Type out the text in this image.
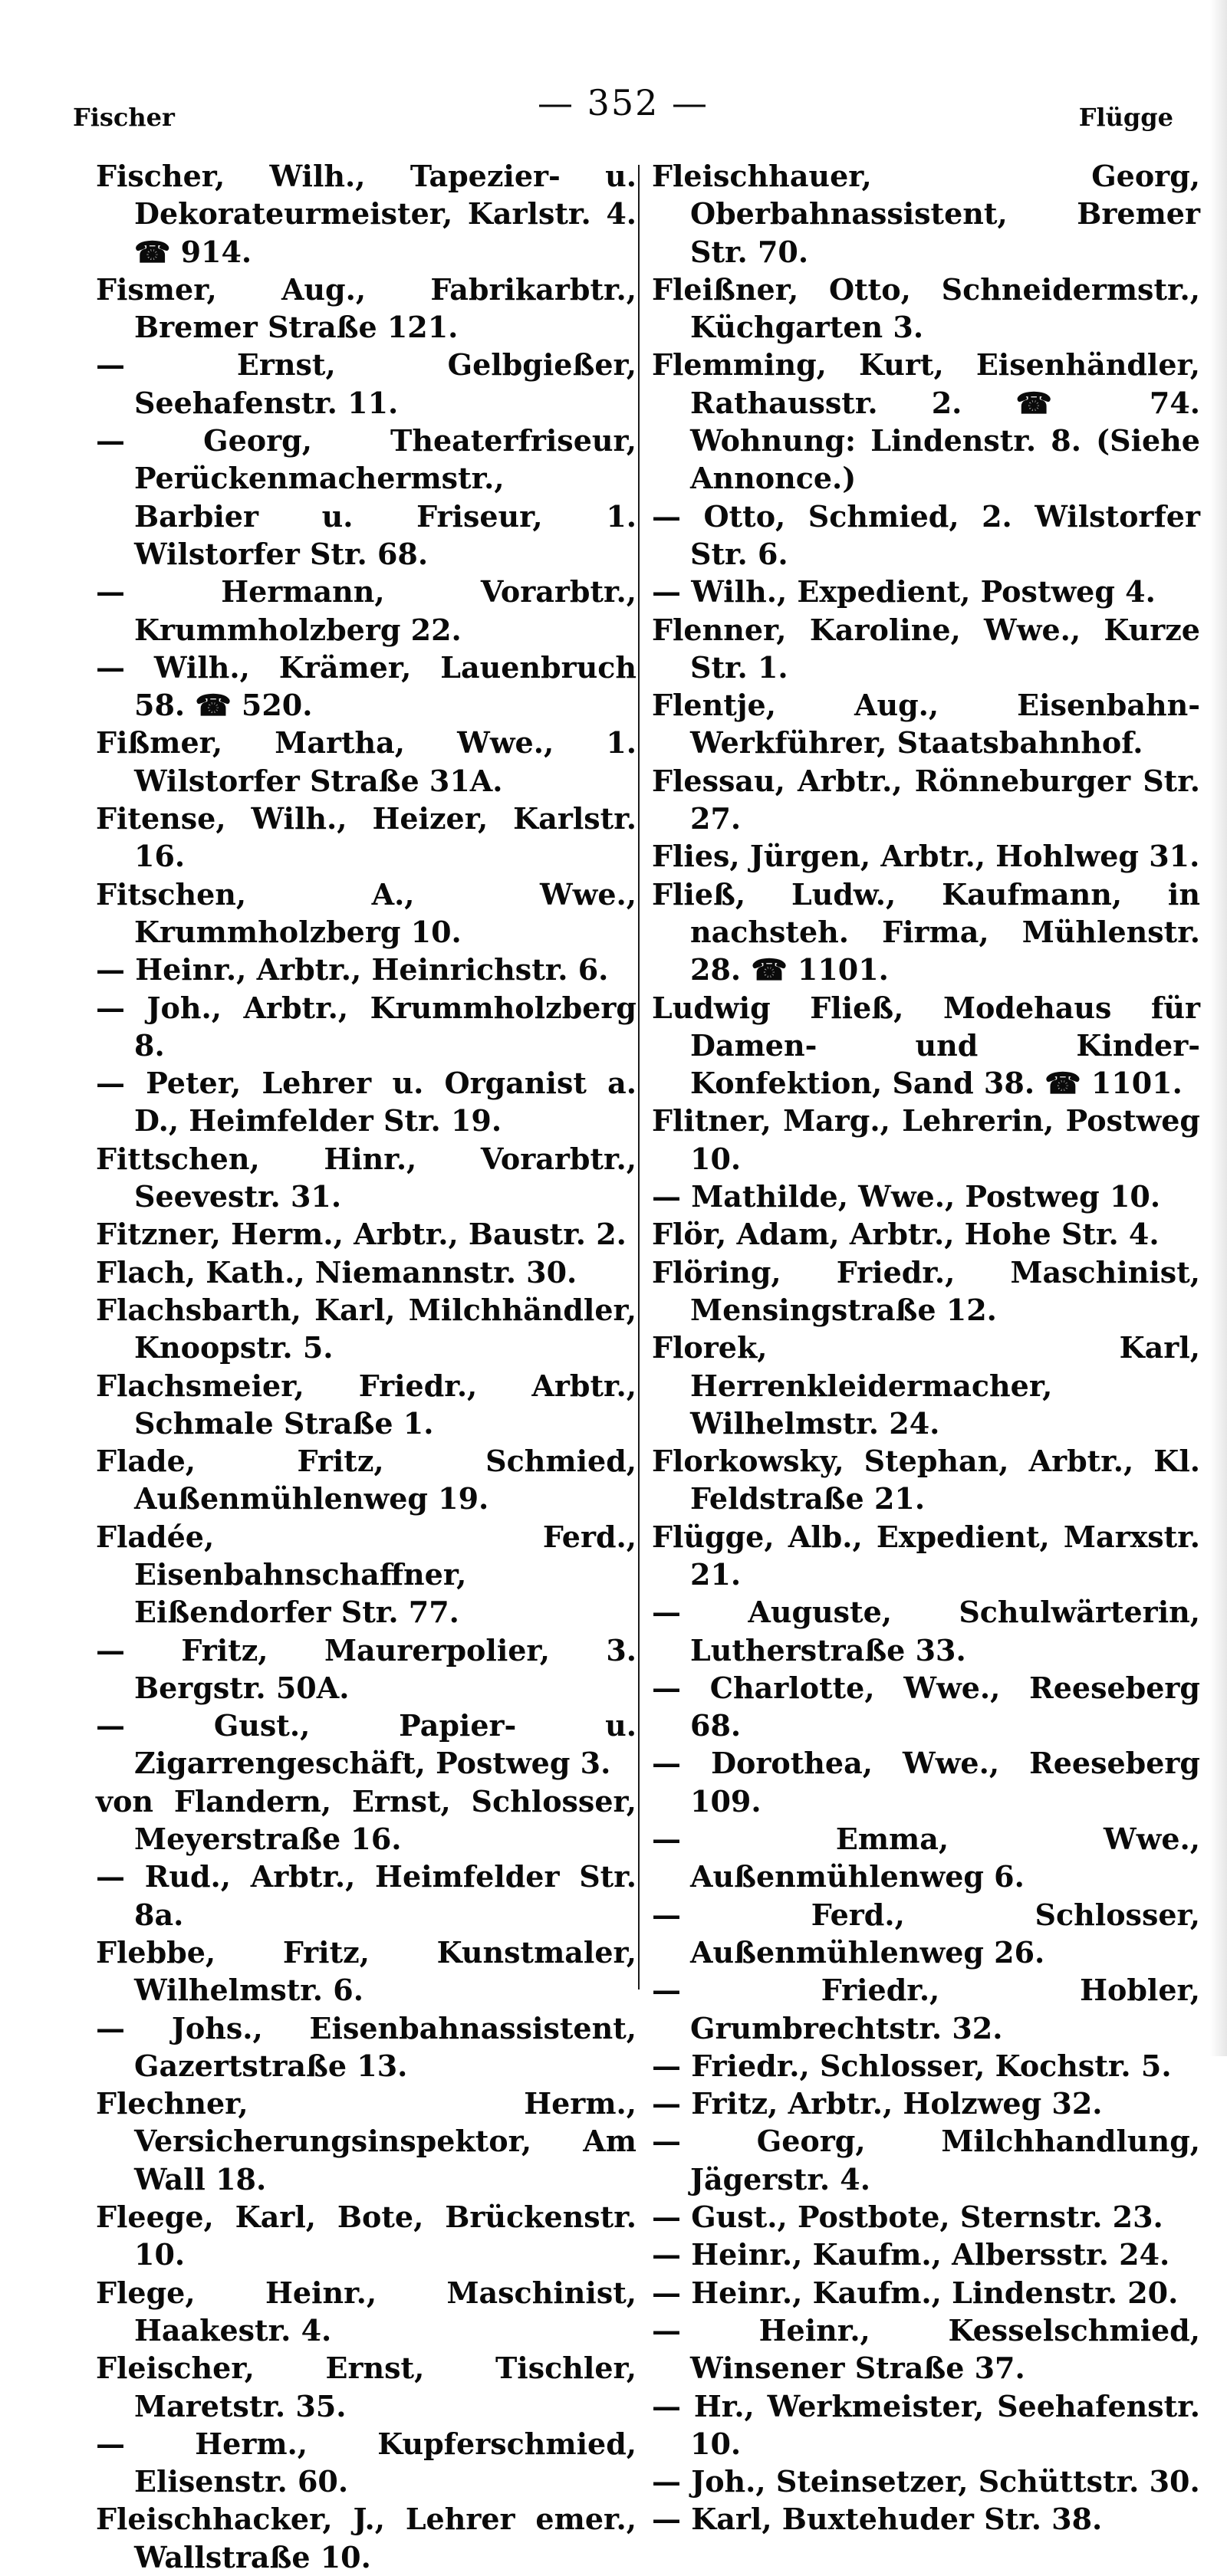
Fischer	— 352 —	Flügge

Fischer, Wilh., Tapezier- u. Dekorateurmeister, Karlstr. 4. ☎ 914.

Fismer, Aug., Fabrikarbtr., Bremer Straße 121.

— Ernst, Gelbgießer, Seehafenstr. 11.

— Georg, Theaterfriseur, Perückenmachermstr., Barbier u. Friseur, 1. Wilstorfer Str. 68.

— Hermann, Vorarbtr., Krummholzberg 22.

— Wilh., Krämer, Lauenbruch 58. ☎ 520.

Fißmer, Martha, Wwe., 1. Wilstorfer Straße 31A.

Fitense, Wilh., Heizer, Karlstr. 16.

Fitschen, A., Wwe., Krummholzberg 10.

— Heinr., Arbtr., Heinrichstr. 6.

— Joh., Arbtr., Krummholzberg 8.

— Peter, Lehrer u. Organist a. D., Heimfelder Str. 19.

Fittschen, Hinr., Vorarbtr., Seevestr. 31.

Fitzner, Herm., Arbtr., Baustr. 2.

Flach, Kath., Niemannstr. 30.

Flachsbarth, Karl, Milchhändler, Knoopstr. 5.

Flachsmeier, Friedr., Arbtr., Schmale Straße 1.

Flade, Fritz, Schmied, Außenmühlenweg 19.

Fladée, Ferd., Eisenbahnschaffner, Eißendorfer Str. 77.

— Fritz, Maurerpolier, 3. Bergstr. 50A.

— Gust., Papier- u. Zigarrengeschäft, Postweg 3.

von Flandern, Ernst, Schlosser, Meyerstraße 16.

— Rud., Arbtr., Heimfelder Str. 8a.

Flebbe, Fritz, Kunstmaler, Wilhelmstr. 6.

— Johs., Eisenbahnassistent, Gazertstraße 13.

Flechner, Herm., Versicherungsinspektor, Am Wall 18.

Fleege, Karl, Bote, Brückenstr. 10.

Flege, Heinr., Maschinist, Haakestr. 4.

Fleischer, Ernst, Tischler, Maretstr. 35.

— Herm., Kupferschmied, Elisenstr. 60.

Fleischhacker, J., Lehrer emer., Wallstraße 10.

Fleischhauer, Georg, Oberbahnassistent, Bremer Str. 70.

Fleißner, Otto, Schneidermstr., Küchgarten 3.

Flemming, Kurt, Eisenhändler, Rathausstr. 2. ☎ 74. Wohnung: Lindenstr. 8. (Siehe Annonce.)

— Otto, Schmied, 2. Wilstorfer Str. 6.

— Wilh., Expedient, Postweg 4.

Flenner, Karoline, Wwe., Kurze Str. 1.

Flentje, Aug., Eisenbahn-Werkführer, Staatsbahnhof.

Flessau, Arbtr., Rönneburger Str. 27.

Flies, Jürgen, Arbtr., Hohlweg 31.

Fließ, Ludw., Kaufmann, in nachsteh. Firma, Mühlenstr. 28. ☎ 1101.

Ludwig Fließ, Modehaus für Damen- und Kinder-Konfektion, Sand 38. ☎ 1101.

Flitner, Marg., Lehrerin, Postweg 10.

— Mathilde, Wwe., Postweg 10.

Flör, Adam, Arbtr., Hohe Str. 4.

Flöring, Friedr., Maschinist, Mensingstraße 12.

Florek, Karl, Herrenkleidermacher, Wilhelmstr. 24.

Florkowsky, Stephan, Arbtr., Kl. Feldstraße 21.

Flügge, Alb., Expedient, Marxstr. 21.

— Auguste, Schulwärterin, Lutherstraße 33.

— Charlotte, Wwe., Reeseberg 68.

— Dorothea, Wwe., Reeseberg 109.

— Emma, Wwe., Außenmühlenweg 6.

— Ferd., Schlosser, Außenmühlenweg 26.

— Friedr., Hobler, Grumbrechtstr. 32.

— Friedr., Schlosser, Kochstr. 5.

— Fritz, Arbtr., Holzweg 32.

— Georg, Milchhandlung, Jägerstr. 4.

— Gust., Postbote, Sternstr. 23.

— Heinr., Kaufm., Albersstr. 24.

— Heinr., Kaufm., Lindenstr. 20.

— Heinr., Kesselschmied, Winsener Straße 37.

— Hr., Werkmeister, Seehafenstr. 10.

— Joh., Steinsetzer, Schüttstr. 30.

— Karl, Buxtehuder Str. 38.
